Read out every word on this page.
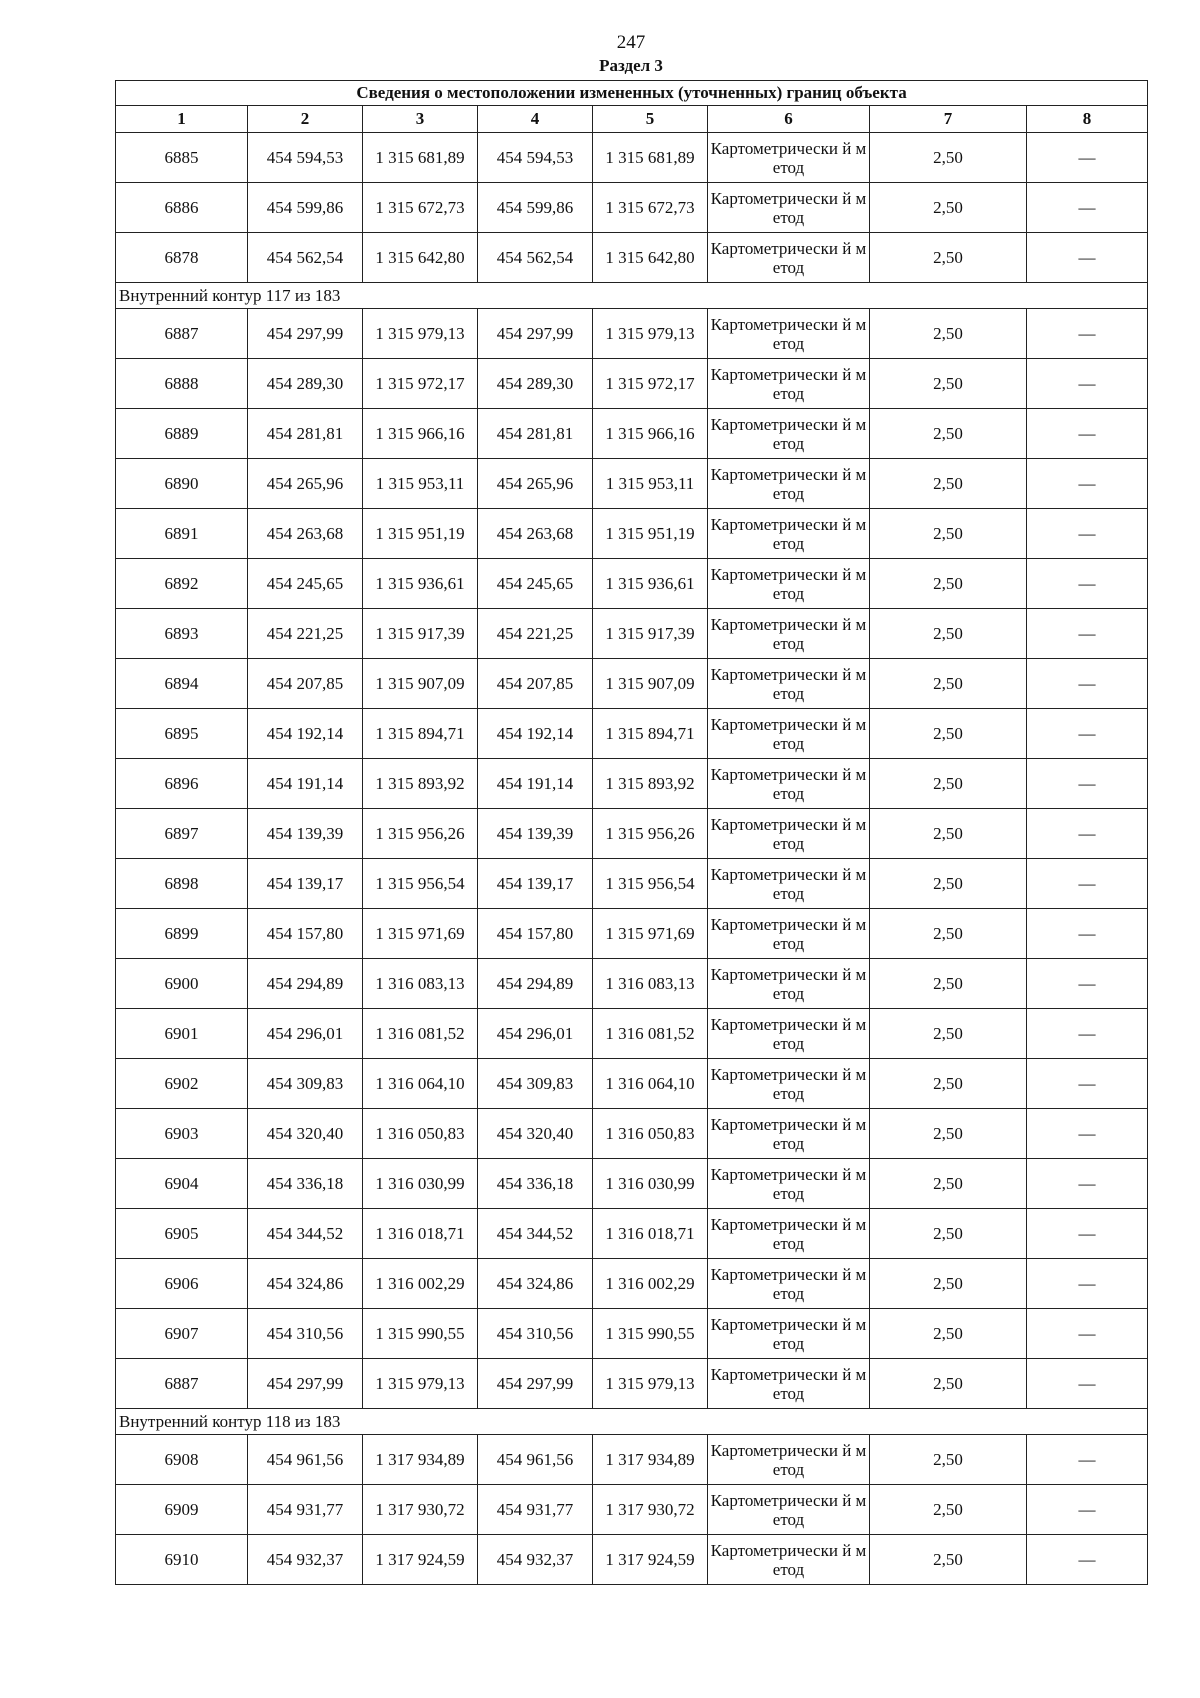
247
Раздел 3
Сведения о местоположении измененных (уточненных) границ объекта							
1	2	3	4	5	6	7	8
6885	454 594,53	1 315 681,89	454 594,53	1 315 681,89	Картометрически й метод	2,50	—
6886	454 599,86	1 315 672,73	454 599,86	1 315 672,73	Картометрически й метод	2,50	—
6878	454 562,54	1 315 642,80	454 562,54	1 315 642,80	Картометрически й метод	2,50	—
Внутренний контур 117 из 183							
6887	454 297,99	1 315 979,13	454 297,99	1 315 979,13	Картометрически й метод	2,50	—
6888	454 289,30	1 315 972,17	454 289,30	1 315 972,17	Картометрически й метод	2,50	—
6889	454 281,81	1 315 966,16	454 281,81	1 315 966,16	Картометрически й метод	2,50	—
6890	454 265,96	1 315 953,11	454 265,96	1 315 953,11	Картометрически й метод	2,50	—
6891	454 263,68	1 315 951,19	454 263,68	1 315 951,19	Картометрически й метод	2,50	—
6892	454 245,65	1 315 936,61	454 245,65	1 315 936,61	Картометрически й метод	2,50	—
6893	454 221,25	1 315 917,39	454 221,25	1 315 917,39	Картометрически й метод	2,50	—
6894	454 207,85	1 315 907,09	454 207,85	1 315 907,09	Картометрически й метод	2,50	—
6895	454 192,14	1 315 894,71	454 192,14	1 315 894,71	Картометрически й метод	2,50	—
6896	454 191,14	1 315 893,92	454 191,14	1 315 893,92	Картометрически й метод	2,50	—
6897	454 139,39	1 315 956,26	454 139,39	1 315 956,26	Картометрически й метод	2,50	—
6898	454 139,17	1 315 956,54	454 139,17	1 315 956,54	Картометрически й метод	2,50	—
6899	454 157,80	1 315 971,69	454 157,80	1 315 971,69	Картометрически й метод	2,50	—
6900	454 294,89	1 316 083,13	454 294,89	1 316 083,13	Картометрически й метод	2,50	—
6901	454 296,01	1 316 081,52	454 296,01	1 316 081,52	Картометрически й метод	2,50	—
6902	454 309,83	1 316 064,10	454 309,83	1 316 064,10	Картометрически й метод	2,50	—
6903	454 320,40	1 316 050,83	454 320,40	1 316 050,83	Картометрически й метод	2,50	—
6904	454 336,18	1 316 030,99	454 336,18	1 316 030,99	Картометрически й метод	2,50	—
6905	454 344,52	1 316 018,71	454 344,52	1 316 018,71	Картометрически й метод	2,50	—
6906	454 324,86	1 316 002,29	454 324,86	1 316 002,29	Картометрически й метод	2,50	—
6907	454 310,56	1 315 990,55	454 310,56	1 315 990,55	Картометрически й метод	2,50	—
6887	454 297,99	1 315 979,13	454 297,99	1 315 979,13	Картометрически й метод	2,50	—
Внутренний контур 118 из 183							
6908	454 961,56	1 317 934,89	454 961,56	1 317 934,89	Картометрически й метод	2,50	—
6909	454 931,77	1 317 930,72	454 931,77	1 317 930,72	Картометрически й метод	2,50	—
6910	454 932,37	1 317 924,59	454 932,37	1 317 924,59	Картометрически й метод	2,50	—
